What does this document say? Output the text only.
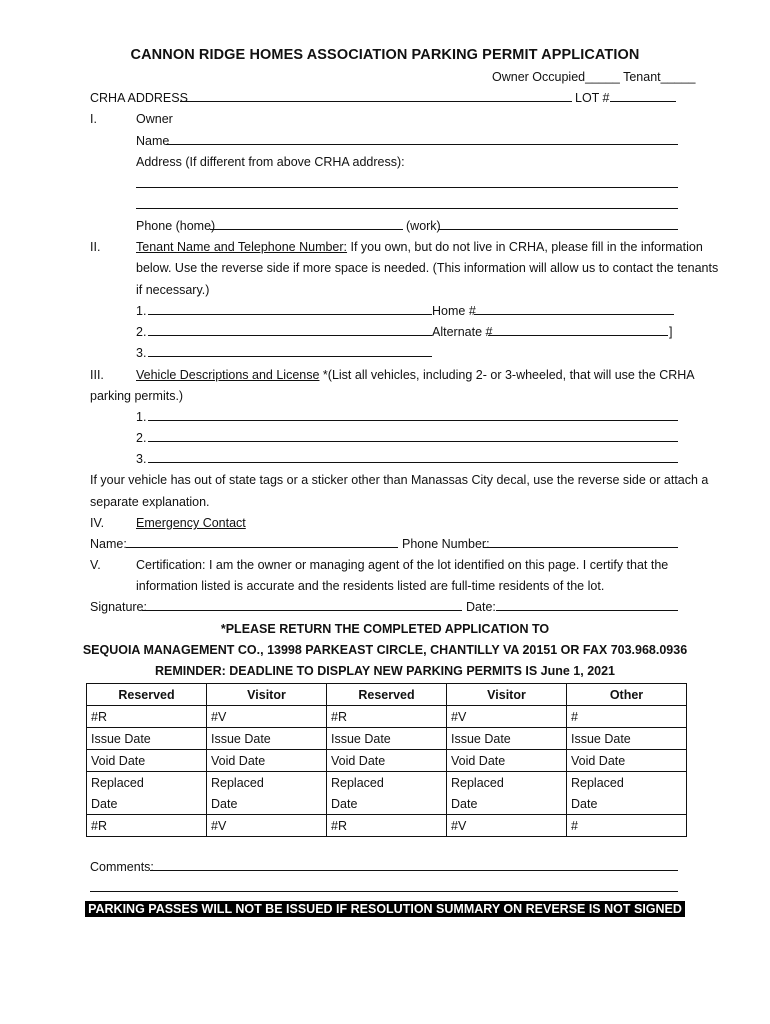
CANNON RIDGE HOMES ASSOCIATION PARKING PERMIT APPLICATION
Owner Occupied_____ Tenant_____
CRHA ADDRESS	LOT #
I.	Owner
Name
Address (If different from above CRHA address):
Phone (home)	(work)
II.	Tenant Name and Telephone Number: If you own, but do not live in CRHA, please fill in the information
below. Use the reverse side if more space is needed. (This information will allow us to contact the tenants
if necessary.)
1.	Home #
2.	Alternate #	]
3.
III.	Vehicle Descriptions and License *(List all vehicles, including 2- or 3-wheeled, that will use the CRHA
parking permits.)
1.
2.
3.
If your vehicle has out of state tags or a sticker other than Manassas City decal, use the reverse side or attach a
separate explanation.
IV.	Emergency Contact
Name:	Phone Number:
V.	Certification: I am the owner or managing agent of the lot identified on this page. I certify that the
information listed is accurate and the residents listed are full-time residents of the lot.
Signature:	Date:
*PLEASE RETURN THE COMPLETED APPLICATION TO
SEQUOIA MANAGEMENT CO., 13998 PARKEAST CIRCLE, CHANTILLY VA 20151 OR FAX 703.968.0936
REMINDER: DEADLINE TO DISPLAY NEW PARKING PERMITS IS June 1, 2021
Reserved	Visitor	Reserved	Visitor	Other
#R	#V	#R	#V	#
Issue Date	Issue Date	Issue Date	Issue Date	Issue Date
Void Date	Void Date	Void Date	Void Date	Void Date
Replaced	Replaced	Replaced	Replaced	Replaced
Date	Date	Date	Date	Date
#R	#V	#R	#V	#
Comments:
PARKING PASSES WILL NOT BE ISSUED IF RESOLUTION SUMMARY ON REVERSE IS NOT SIGNED
